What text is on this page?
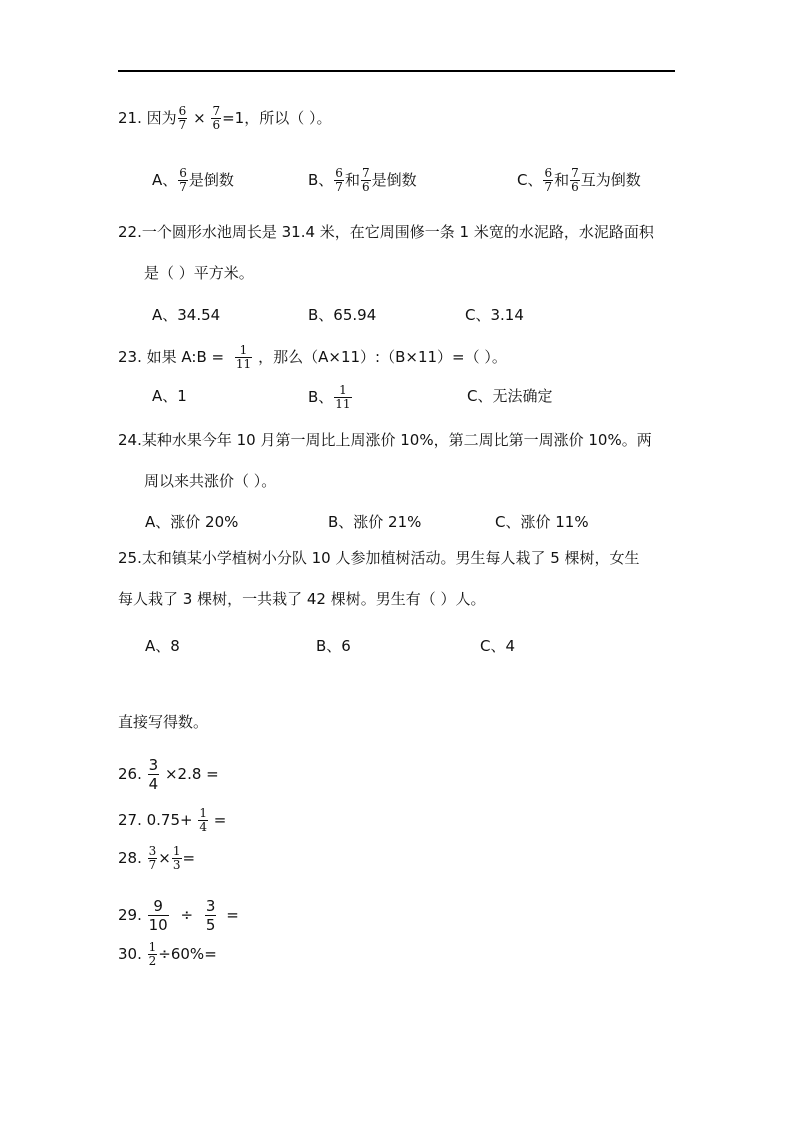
21. 因为 $\frac{6}{7} \times \frac{7}{6} =1$，所以（ ）。
A、 $\frac{6}{7}$ 是倒数	B、 $\frac{6}{7}$ 和 $\frac{7}{6}$ 是倒数	C、 $\frac{6}{7}$ 和 $\frac{7}{6}$ 互为倒数
22.一个圆形水池周长是 31.4 米，在它周围修一条 1 米宽的水泥路，水泥路面积
是（ ）平方米。
A、34.54	B、65.94	C、3.14
23. 如果 A:B = $\frac{1}{11}$ ，那么（A×11）:（B×11）=（ ）。
A、1	B、 $\frac{1}{11}$	C、无法确定
24.某种水果今年 10 月第一周比上周涨价 10%，第二周比第一周涨价 10%。两
周以来共涨价（ ）。
A、涨价 20%	B、涨价 21%	C、涨价 11%
25.太和镇某小学植树小分队 10 人参加植树活动。男生每人栽了 5 棵树，女生
每人栽了 3 棵树，一共栽了 42 棵树。男生有（ ）人。
A、8	B、6	C、4
直接写得数。
26. $\frac{3}{4} \times 2.8$ =
27. $0.75+ \frac{1}{4}$ =
28. $\frac{3}{7} \times \frac{1}{3}$ =
29. $\frac{9}{10} \div \frac{3}{5}$ =
30. $\frac{1}{2} \div 60\%=$
